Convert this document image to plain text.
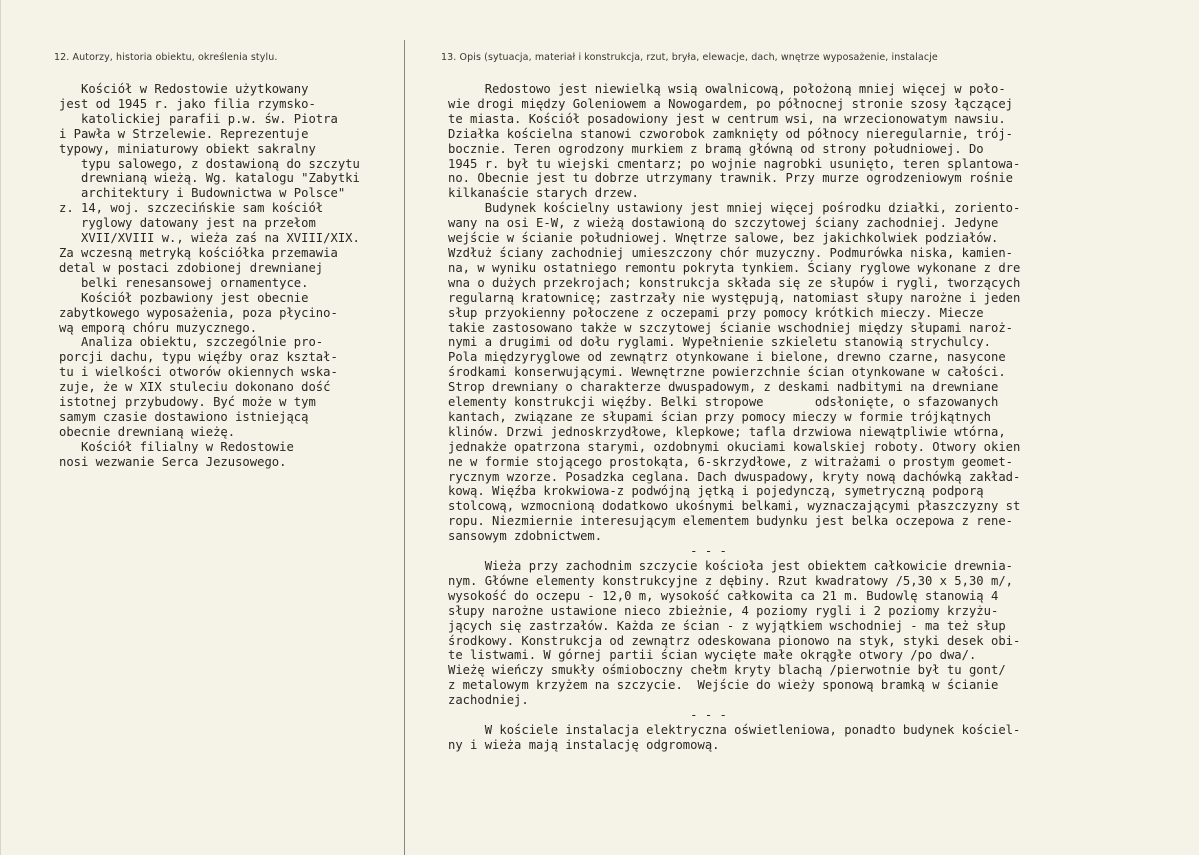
12. Autorzy, historia obiektu, określenia stylu.	13. Opis (sytuacja, materiał i konstrukcja, rzut, bryła, elewacje, dach, wnętrze wyposażenie, instalacje
Kościół w Redostowie użytkowany
jest od 1945 r. jako filia rzymsko-
katolickiej parafii p.w. św. Piotra
i Pawła w Strzelewie. Reprezentuje
typowy, miniaturowy obiekt sakralny
typu salowego, z dostawioną do szczytu
drewnianą wieżą. Wg. katalogu "Zabytki
architektury i Budownictwa w Polsce"
z. 14, woj. szczecińskie sam kościół
ryglowy datowany jest na przełom
XVII/XVIII w., wieża zaś na XVIII/XIX.
Za wczesną metryką kościółka przemawia
detal w postaci zdobionej drewnianej
belki renesansowej ornamentyce.
Kościół pozbawiony jest obecnie
zabytkowego wyposażenia, poza płycino-
wą emporą chóru muzycznego.
Analiza obiektu, szczególnie pro-
porcji dachu, typu więźby oraz kształ-
tu i wielkości otworów okiennych wska-
zuje, że w XIX stuleciu dokonano dość
istotnej przybudowy. Być może w tym
samym czasie dostawiono istniejącą
obecnie drewnianą wieżę.
Kościół filialny w Redostowie
nosi wezwanie Serca Jezusowego.
Redostowo jest niewielką wsią owalnicową, położoną mniej więcej w poło-
wie drogi między Goleniowem a Nowogardem, po północnej stronie szosy łączącej
te miasta. Kościół posadowiony jest w centrum wsi, na wrzecionowatym nawsiu.
Działka kościelna stanowi czworobok zamknięty od północy nieregularnie, trój-
bocznie. Teren ogrodzony murkiem z bramą główną od strony południowej. Do
1945 r. był tu wiejski cmentarz; po wojnie nagrobki usunięto, teren splantowa-
no. Obecnie jest tu dobrze utrzymany trawnik. Przy murze ogrodzeniowym rośnie
kilkanaście starych drzew.
Budynek kościelny ustawiony jest mniej więcej pośrodku działki, zoriento-
wany na osi E-W, z wieżą dostawioną do szczytowej ściany zachodniej. Jedyne
wejście w ścianie południowej. Wnętrze salowe, bez jakichkolwiek podziałów.
Wzdłuż ściany zachodniej umieszczony chór muzyczny. Podmurówka niska, kamien-
na, w wyniku ostatniego remontu pokryta tynkiem. Ściany ryglowe wykonane z dre
wna o dużych przekrojach; konstrukcja składa się ze słupów i rygli, tworzących
regularną kratownicę; zastrzały nie występują, natomiast słupy narożne i jeden
słup przyokienny połoczene z oczepami przy pomocy krótkich mieczy. Miecze
takie zastosowano także w szczytowej ścianie wschodniej między słupami naroż-
nymi a drugimi od dołu ryglami. Wypełnienie szkieletu stanowią strychulcy.
Pola międzyryglowe od zewnątrz otynkowane i bielone, drewno czarne, nasycone
środkami konserwującymi. Wewnętrzne powierzchnie ścian otynkowane w całości.
Strop drewniany o charakterze dwuspadowym, z deskami nadbitymi na drewniane
elementy konstrukcji więźby. Belki stropowe       odsłonięte, o sfazowanych
kantach, związane ze słupami ścian przy pomocy mieczy w formie trójkątnych
klinów. Drzwi jednoskrzydłowe, klepkowe; tafla drzwiowa niewątpliwie wtórna,
jednakże opatrzona starymi, ozdobnymi okuciami kowalskiej roboty. Otwory okien
ne w formie stojącego prostokąta, 6-skrzydłowe, z witrażami o prostym geomet-
rycznym wzorze. Posadzka ceglana. Dach dwuspadowy, kryty nową dachówką zakład-
kową. Więźba krokwiowa-z podwójną jętką i pojedynczą, symetryczną podporą
stolcową, wzmocnioną dodatkowo ukośnymi belkami, wyznaczającymi płaszczyzny st
ropu. Niezmiernie interesującym elementem budynku jest belka oczepowa z rene-
sansowym zdobnictwem.
- - -
Wieża przy zachodnim szczycie kościoła jest obiektem całkowicie drewnia-
nym. Główne elementy konstrukcyjne z dębiny. Rzut kwadratowy /5,30 x 5,30 m/,
wysokość do oczepu - 12,0 m, wysokość całkowita ca 21 m. Budowlę stanowią 4
słupy narożne ustawione nieco zbieżnie, 4 poziomy rygli i 2 poziomy krzyżu-
jących się zastrzałów. Każda ze ścian - z wyjątkiem wschodniej - ma też słup
środkowy. Konstrukcja od zewnątrz odeskowana pionowo na styk, styki desek obi-
te listwami. W górnej partii ścian wycięte małe okrągłe otwory /po dwa/.
Wieżę wieńczy smukły ośmioboczny chełm kryty blachą /pierwotnie był tu gont/
z metalowym krzyżem na szczycie.  Wejście do wieży sponową bramką w ścianie
zachodniej.
- - -
W kościele instalacja elektryczna oświetleniowa, ponadto budynek kościel-
ny i wieża mają instalację odgromową.
